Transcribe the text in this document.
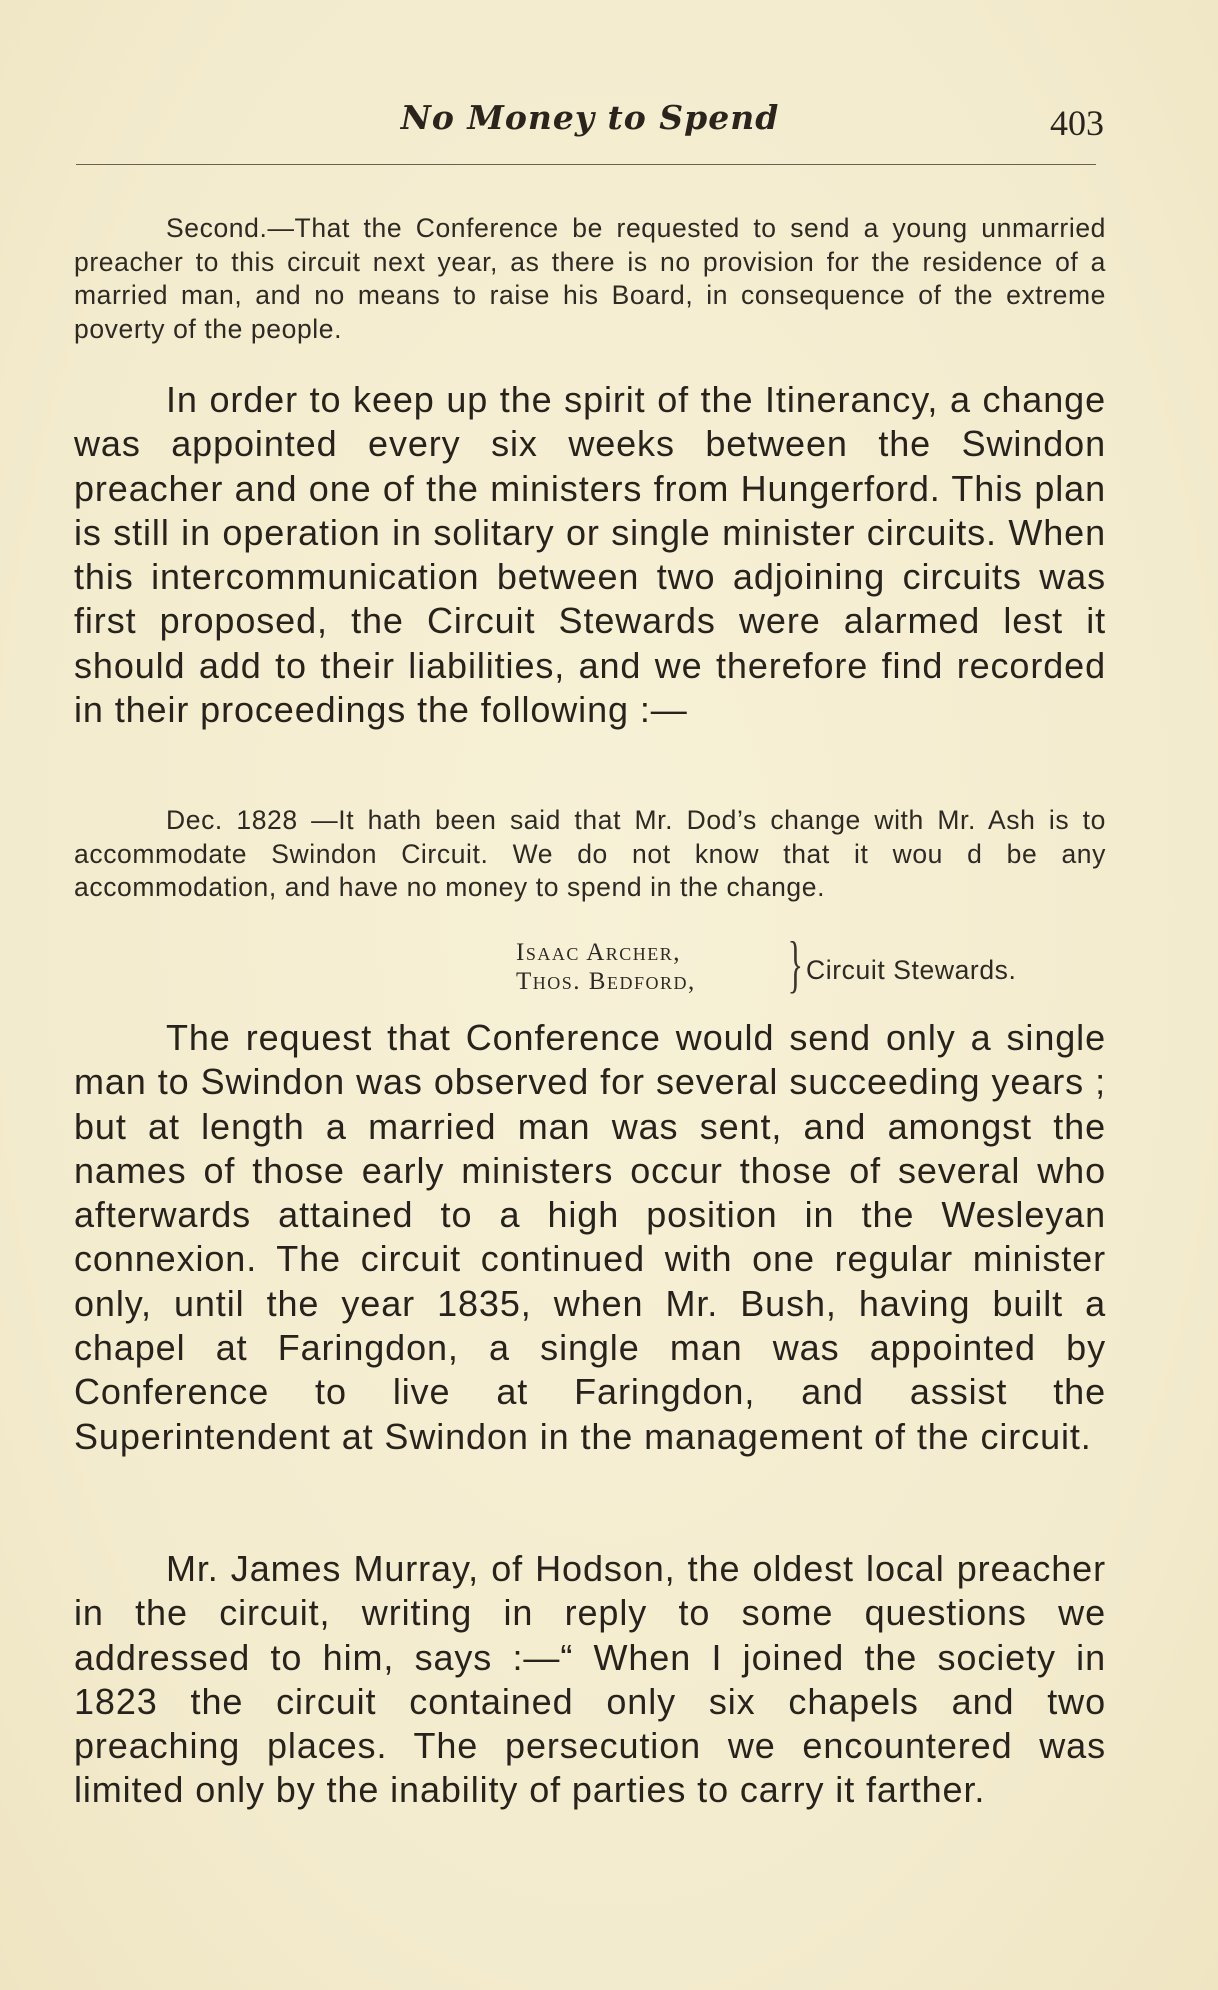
No Money to Spend	403

Second.—That the Conference be requested to send a young unmarried preacher to this circuit next year, as there is no provision for the residence of a married man, and no means to raise his Board, in consequence of the extreme poverty of the people.

In order to keep up the spirit of the Itinerancy, a change was appointed every six weeks between the Swindon preacher and one of the ministers from Hungerford. This plan is still in operation in solitary or single minister circuits. When this intercommunication between two adjoining circuits was first proposed, the Circuit Stewards were alarmed lest it should add to their liabilities, and we therefore find recorded in their proceedings the following :—

Dec. 1828 —It hath been said that Mr. Dod’s change with Mr. Ash is to accommodate Swindon Circuit. We do not know that it wou d be any accommodation, and have no money to spend in the change.

Isaac Archer,
Thos. Bedford, } Circuit Stewards.

The request that Conference would send only a single man to Swindon was observed for several succeeding years ; but at length a married man was sent, and amongst the names of those early ministers occur those of several who afterwards attained to a high position in the Wesleyan connexion. The circuit continued with one regular minister only, until the year 1835, when Mr. Bush, having built a chapel at Faringdon, a single man was appointed by Conference to live at Faringdon, and assist the Superintendent at Swindon in the management of the circuit.

Mr. James Murray, of Hodson, the oldest local preacher in the circuit, writing in reply to some questions we addressed to him, says :—“ When I joined the society in 1823 the circuit contained only six chapels and two preaching places. The persecution we encountered was limited only by the inability of parties to carry it farther.
